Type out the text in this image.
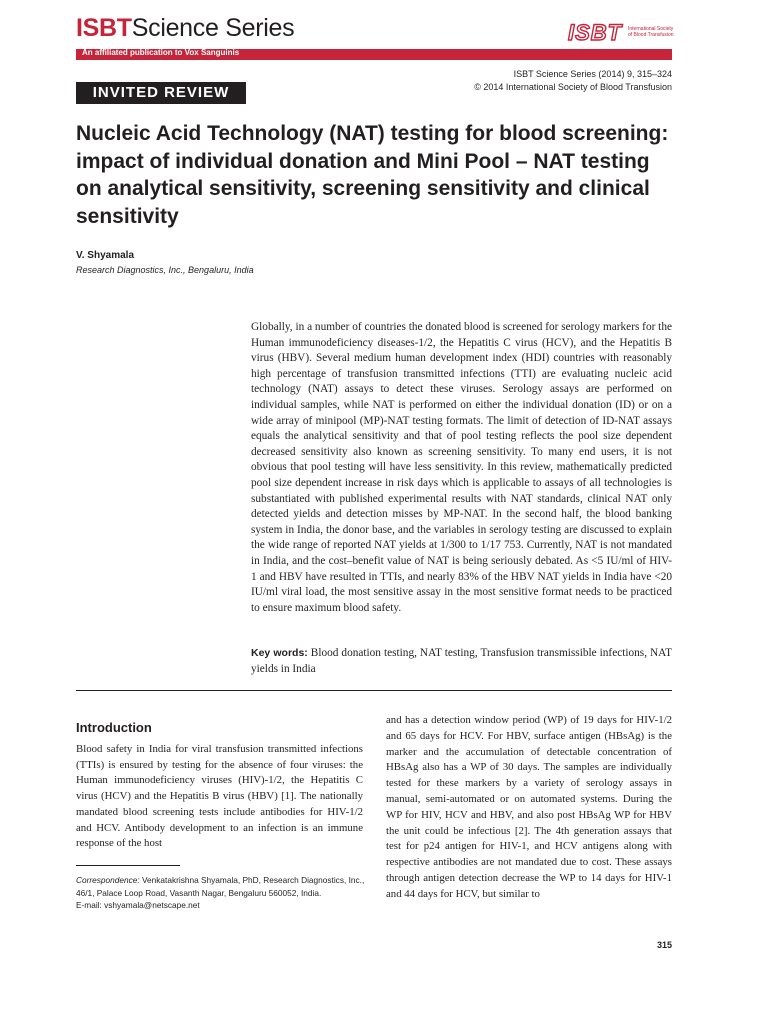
ISBTScience Series
An affiliated publication to Vox Sanguinis
ISBT International Society of Blood Transfusion
ISBT Science Series (2014) 9, 315–324
© 2014 International Society of Blood Transfusion
INVITED REVIEW
Nucleic Acid Technology (NAT) testing for blood screening: impact of individual donation and Mini Pool – NAT testing on analytical sensitivity, screening sensitivity and clinical sensitivity
V. Shyamala
Research Diagnostics, Inc., Bengaluru, India

Globally, in a number of countries the donated blood is screened for serology markers for the Human immunodeficiency diseases-1/2, the Hepatitis C virus (HCV), and the Hepatitis B virus (HBV). Several medium human development index (HDI) countries with reasonably high percentage of transfusion transmitted infections (TTI) are evaluating nucleic acid technology (NAT) assays to detect these viruses. Serology assays are performed on individual samples, while NAT is performed on either the individual donation (ID) or on a wide array of minipool (MP)-NAT testing formats. The limit of detection of ID-NAT assays equals the analytical sensitivity and that of pool testing reflects the pool size dependent decreased sensitivity also known as screening sensitivity. To many end users, it is not obvious that pool testing will have less sensitivity. In this review, mathematically predicted pool size dependent increase in risk days which is applicable to assays of all technologies is substantiated with published experimental results with NAT standards, clinical NAT only detected yields and detection misses by MP-NAT. In the second half, the blood banking system in India, the donor base, and the variables in serology testing are discussed to explain the wide range of reported NAT yields at 1/300 to 1/17 753. Currently, NAT is not mandated in India, and the cost–benefit value of NAT is being seriously debated. As <5 IU/ml of HIV-1 and HBV have resulted in TTIs, and nearly 83% of the HBV NAT yields in India have <20 IU/ml viral load, the most sensitive assay in the most sensitive format needs to be practiced to ensure maximum blood safety.

Key words: Blood donation testing, NAT testing, Transfusion transmissible infections, NAT yields in India
Introduction

Blood safety in India for viral transfusion transmitted infections (TTIs) is ensured by testing for the absence of four viruses: the Human immunodeficiency viruses (HIV)-1/2, the Hepatitis C virus (HCV) and the Hepatitis B virus (HBV) [1]. The nationally mandated blood screening tests include antibodies for HIV-1/2 and HCV. Antibody development to an infection is an immune response of the host

and has a detection window period (WP) of 19 days for HIV-1/2 and 65 days for HCV. For HBV, surface antigen (HBsAg) is the marker and the accumulation of detectable concentration of HBsAg also has a WP of 30 days. The samples are individually tested for these markers by a variety of serology assays in manual, semi-automated or on automated systems. During the WP for HIV, HCV and HBV, and also post HBsAg WP for HBV the unit could be infectious [2]. The 4th generation assays that test for p24 antigen for HIV-1, and HCV antigens along with respective antibodies are not mandated due to cost. These assays through antigen detection decrease the WP to 14 days for HIV-1 and 44 days for HCV, but similar to

Correspondence: Venkatakrishna Shyamala, PhD, Research Diagnostics, Inc., 46/1, Palace Loop Road, Vasanth Nagar, Bengaluru 560052, India.
E-mail: vshyamala@netscape.net
315
